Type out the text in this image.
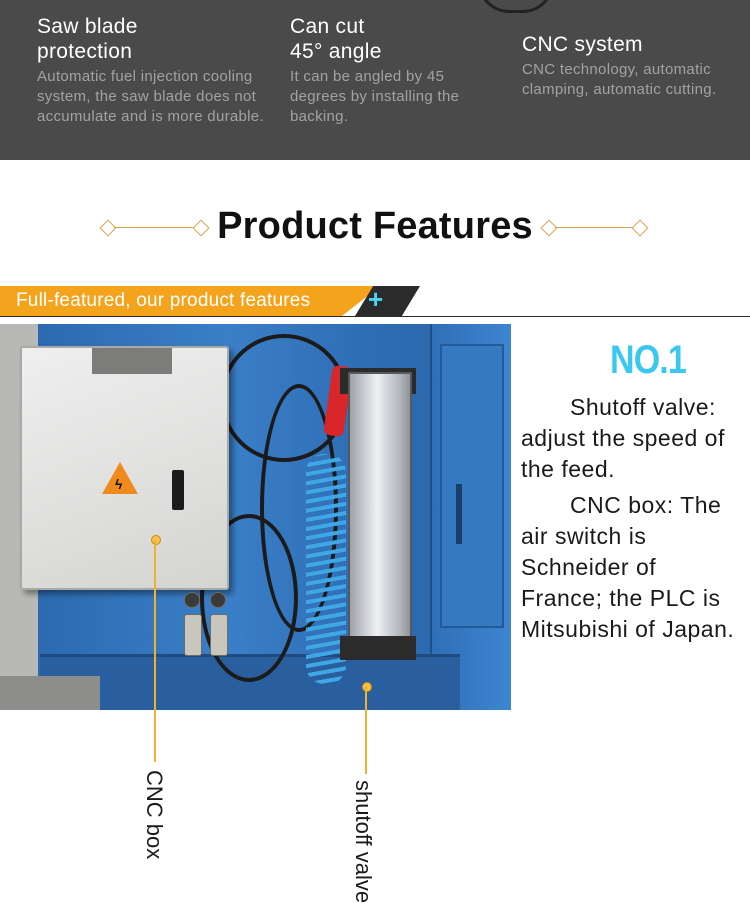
Saw blade
protection
Automatic fuel injection cooling system, the saw blade does not accumulate and is more durable.
Can cut
45° angle
It can be angled by 45 degrees by installing the backing.
CNC system
CNC technology, automatic clamping, automatic cutting.
Product Features
Full-featured, our product features +
ϟ
CNC box	shutoff valve
NO.1

Shutoff valve: adjust the speed of the feed.

CNC box: The air switch is Schneider of France; the PLC is Mitsubishi of Japan.
